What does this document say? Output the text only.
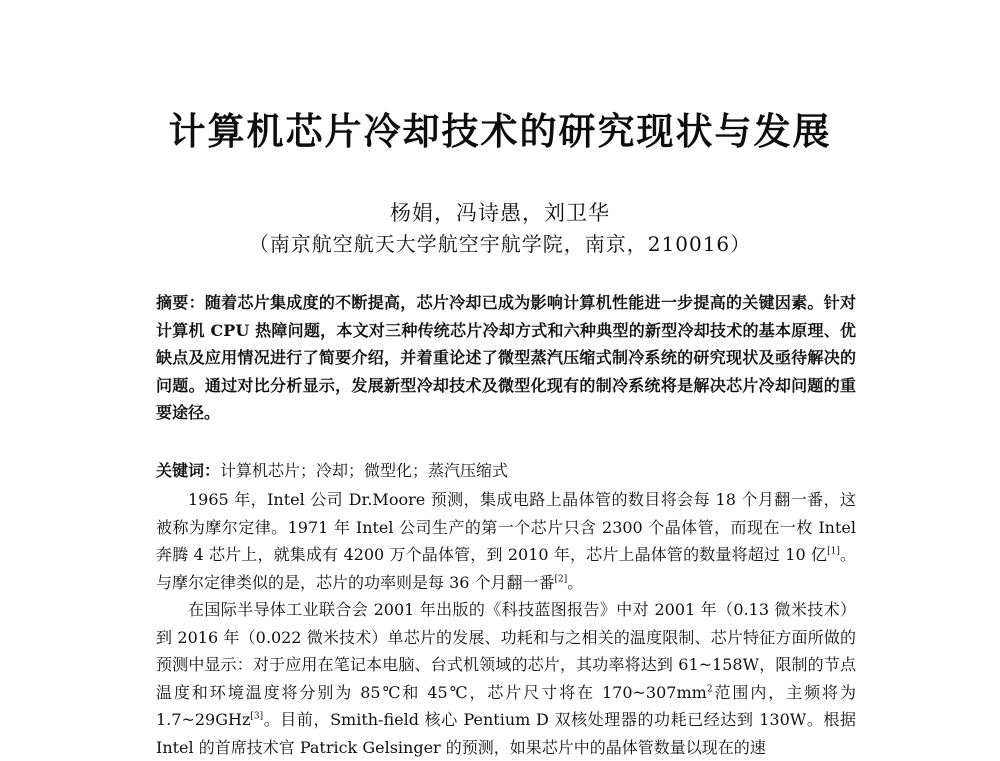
计算机芯片冷却技术的研究现状与发展
杨娟，冯诗愚，刘卫华
（南京航空航天大学航空宇航学院，南京，210016）
摘要：随着芯片集成度的不断提高，芯片冷却已成为影响计算机性能进一步提高的关键因素。针对计算机 CPU 热障问题，本文对三种传统芯片冷却方式和六种典型的新型冷却技术的基本原理、优缺点及应用情况进行了简要介绍，并着重论述了微型蒸汽压缩式制冷系统的研究现状及亟待解决的问题。通过对比分析显示，发展新型冷却技术及微型化现有的制冷系统将是解决芯片冷却问题的重要途径。
关键词：计算机芯片；冷却；微型化；蒸汽压缩式

1965 年，Intel 公司 Dr.Moore 预测，集成电路上晶体管的数目将会每 18 个月翻一番，这被称为摩尔定律。1971 年 Intel 公司生产的第一个芯片只含 2300 个晶体管，而现在一枚 Intel 奔腾 4 芯片上，就集成有 4200 万个晶体管，到 2010 年，芯片上晶体管的数量将超过 10 亿[1]。与摩尔定律类似的是，芯片的功率则是每 36 个月翻一番[2]。

在国际半导体工业联合会 2001 年出版的《科技蓝图报告》中对 2001 年（0.13 微米技术）到 2016 年（0.022 微米技术）单芯片的发展、功耗和与之相关的温度限制、芯片特征方面所做的预测中显示：对于应用在笔记本电脑、台式机领域的芯片，其功率将达到 61~158W，限制的节点温度和环境温度将分别为 85℃和 45℃，芯片尺寸将在 $170\sim 307mm^2$范围内，主频将为 1.7~29GHz[3]。目前，Smith-field 核心 Pentium D 双核处理器的功耗已经达到 130W。根据 Intel 的首席技术官 Patrick Gelsinger 的预测，如果芯片中的晶体管数量以现在的速
